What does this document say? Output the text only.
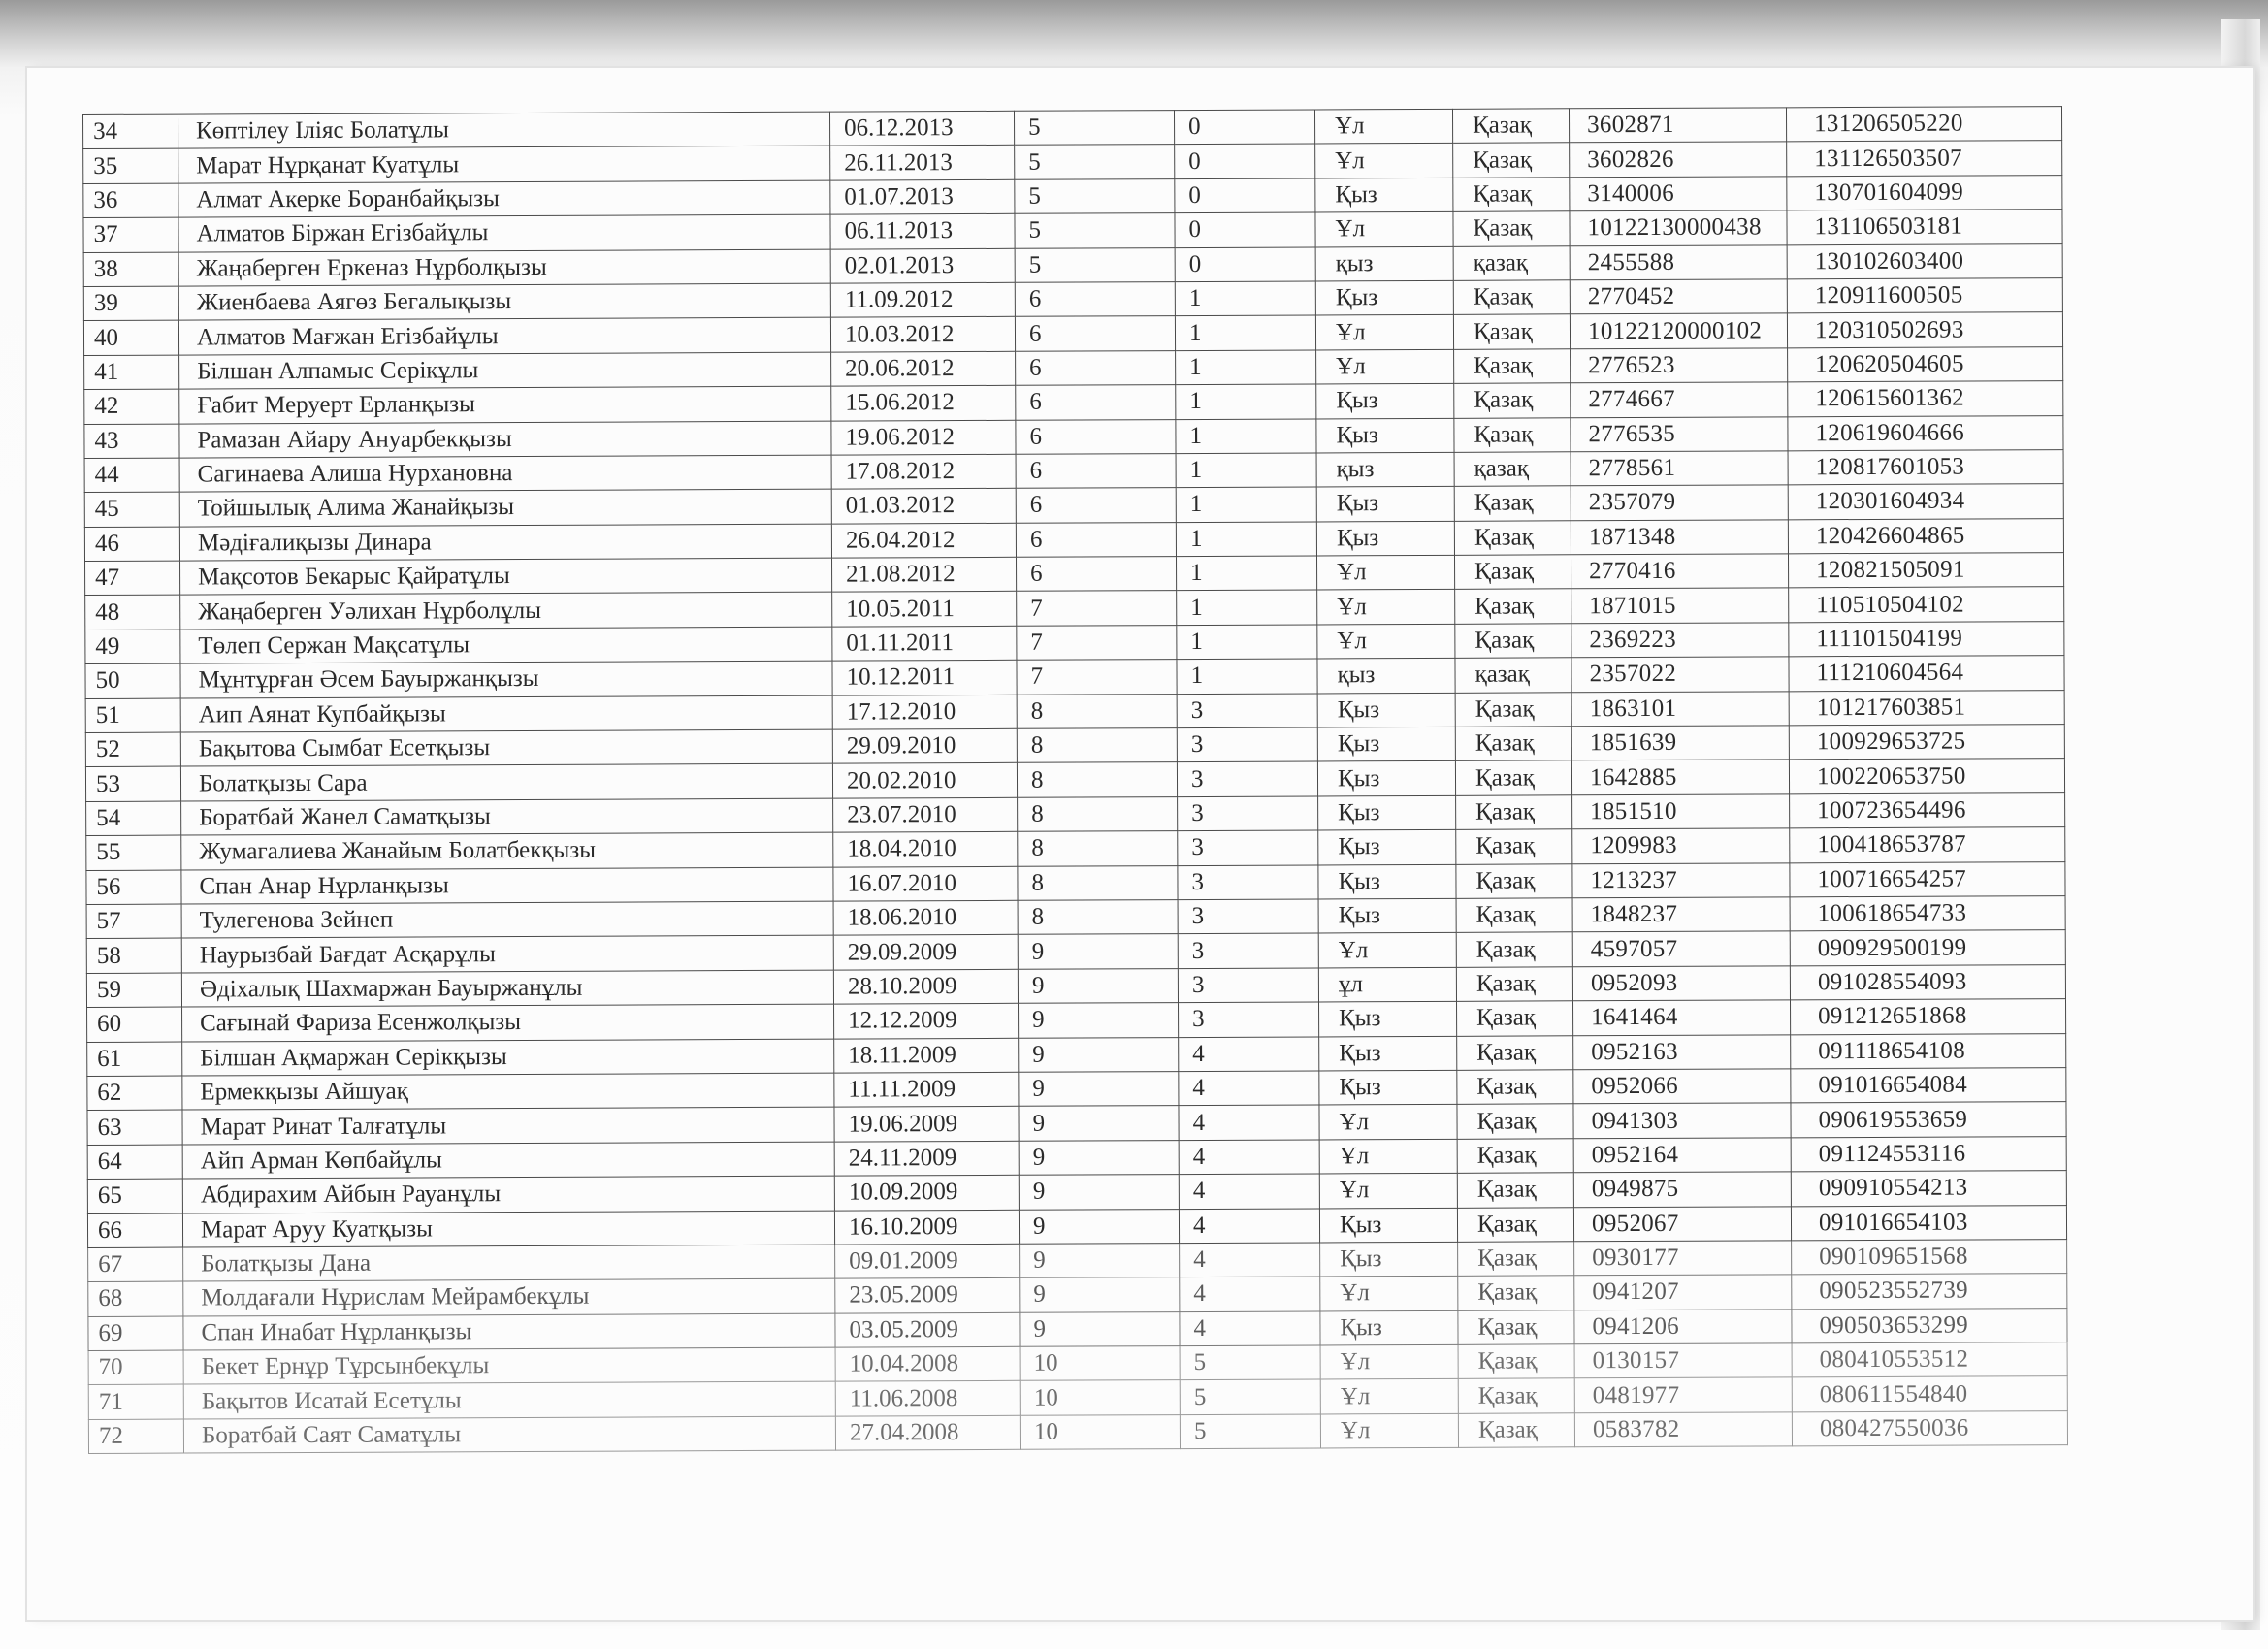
34	Көптілеу Іліяс Болатұлы	06.12.2013	5	0	Ұл	Қазақ	3602871	131206505220
35	Марат Нұрқанат Куатұлы	26.11.2013	5	0	Ұл	Қазақ	3602826	131126503507
36	Алмат Акерке Боранбайқызы	01.07.2013	5	0	Қыз	Қазақ	3140006	130701604099
37	Алматов Біржан Егізбайұлы	06.11.2013	5	0	Ұл	Қазақ	10122130000438	131106503181
38	Жаңаберген Еркеназ Нұрболқызы	02.01.2013	5	0	қыз	қазақ	2455588	130102603400
39	Жиенбаева Аягөз Бегалықызы	11.09.2012	6	1	Қыз	Қазақ	2770452	120911600505
40	Алматов Мағжан Егізбайұлы	10.03.2012	6	1	Ұл	Қазақ	10122120000102	120310502693
41	Білшан Алпамыс Серікұлы	20.06.2012	6	1	Ұл	Қазақ	2776523	120620504605
42	Ғабит Меруерт Ерланқызы	15.06.2012	6	1	Қыз	Қазақ	2774667	120615601362
43	Рамазан Айару Ануарбекқызы	19.06.2012	6	1	Қыз	Қазақ	2776535	120619604666
44	Сагинаева Алиша Нурхановна	17.08.2012	6	1	қыз	қазақ	2778561	120817601053
45	Тойшылық Алима Жанайқызы	01.03.2012	6	1	Қыз	Қазақ	2357079	120301604934
46	Мәдіғалиқызы Динара	26.04.2012	6	1	Қыз	Қазақ	1871348	120426604865
47	Мақсотов Бекарыс Қайратұлы	21.08.2012	6	1	Ұл	Қазақ	2770416	120821505091
48	Жаңаберген Уәлихан Нұрболұлы	10.05.2011	7	1	Ұл	Қазақ	1871015	110510504102
49	Төлеп Сержан Мақсатұлы	01.11.2011	7	1	Ұл	Қазақ	2369223	111101504199
50	Мұнтұрған Әсем Бауыржанқызы	10.12.2011	7	1	қыз	қазақ	2357022	111210604564
51	Аип Аянат Купбайқызы	17.12.2010	8	3	Қыз	Қазақ	1863101	101217603851
52	Бақытова Сымбат Есетқызы	29.09.2010	8	3	Қыз	Қазақ	1851639	100929653725
53	Болатқызы Сара	20.02.2010	8	3	Қыз	Қазақ	1642885	100220653750
54	Боратбай Жанел Саматқызы	23.07.2010	8	3	Қыз	Қазақ	1851510	100723654496
55	Жумагалиева Жанайым Болатбекқызы	18.04.2010	8	3	Қыз	Қазақ	1209983	100418653787
56	Спан Анар Нұрланқызы	16.07.2010	8	3	Қыз	Қазақ	1213237	100716654257
57	Тулегенова Зейнеп	18.06.2010	8	3	Қыз	Қазақ	1848237	100618654733
58	Наурызбай Бағдат Асқарұлы	29.09.2009	9	3	Ұл	Қазақ	4597057	090929500199
59	Әдіхалық Шахмаржан Бауыржанұлы	28.10.2009	9	3	ұл	Қазақ	0952093	091028554093
60	Сағынай Фариза Есенжолқызы	12.12.2009	9	3	Қыз	Қазақ	1641464	091212651868
61	Білшан Ақмаржан Серікқызы	18.11.2009	9	4	Қыз	Қазақ	0952163	091118654108
62	Ермекқызы Айшуақ	11.11.2009	9	4	Қыз	Қазақ	0952066	091016654084
63	Марат Ринат Талғатұлы	19.06.2009	9	4	Ұл	Қазақ	0941303	090619553659
64	Айп Арман Көпбайұлы	24.11.2009	9	4	Ұл	Қазақ	0952164	091124553116
65	Абдирахим Айбын Рауанұлы	10.09.2009	9	4	Ұл	Қазақ	0949875	090910554213
66	Марат Аруу Куатқызы	16.10.2009	9	4	Қыз	Қазақ	0952067	091016654103
67	Болатқызы Дана	09.01.2009	9	4	Қыз	Қазақ	0930177	090109651568
68	Молдағали Нұрислам Мейрамбекұлы	23.05.2009	9	4	Ұл	Қазақ	0941207	090523552739
69	Спан Инабат Нұрланқызы	03.05.2009	9	4	Қыз	Қазақ	0941206	090503653299
70	Бекет Ернұр Тұрсынбекұлы	10.04.2008	10	5	Ұл	Қазақ	0130157	080410553512
71	Бақытов Исатай Есетұлы	11.06.2008	10	5	Ұл	Қазақ	0481977	080611554840
72	Боратбай Саят Саматұлы	27.04.2008	10	5	Ұл	Қазақ	0583782	080427550036
